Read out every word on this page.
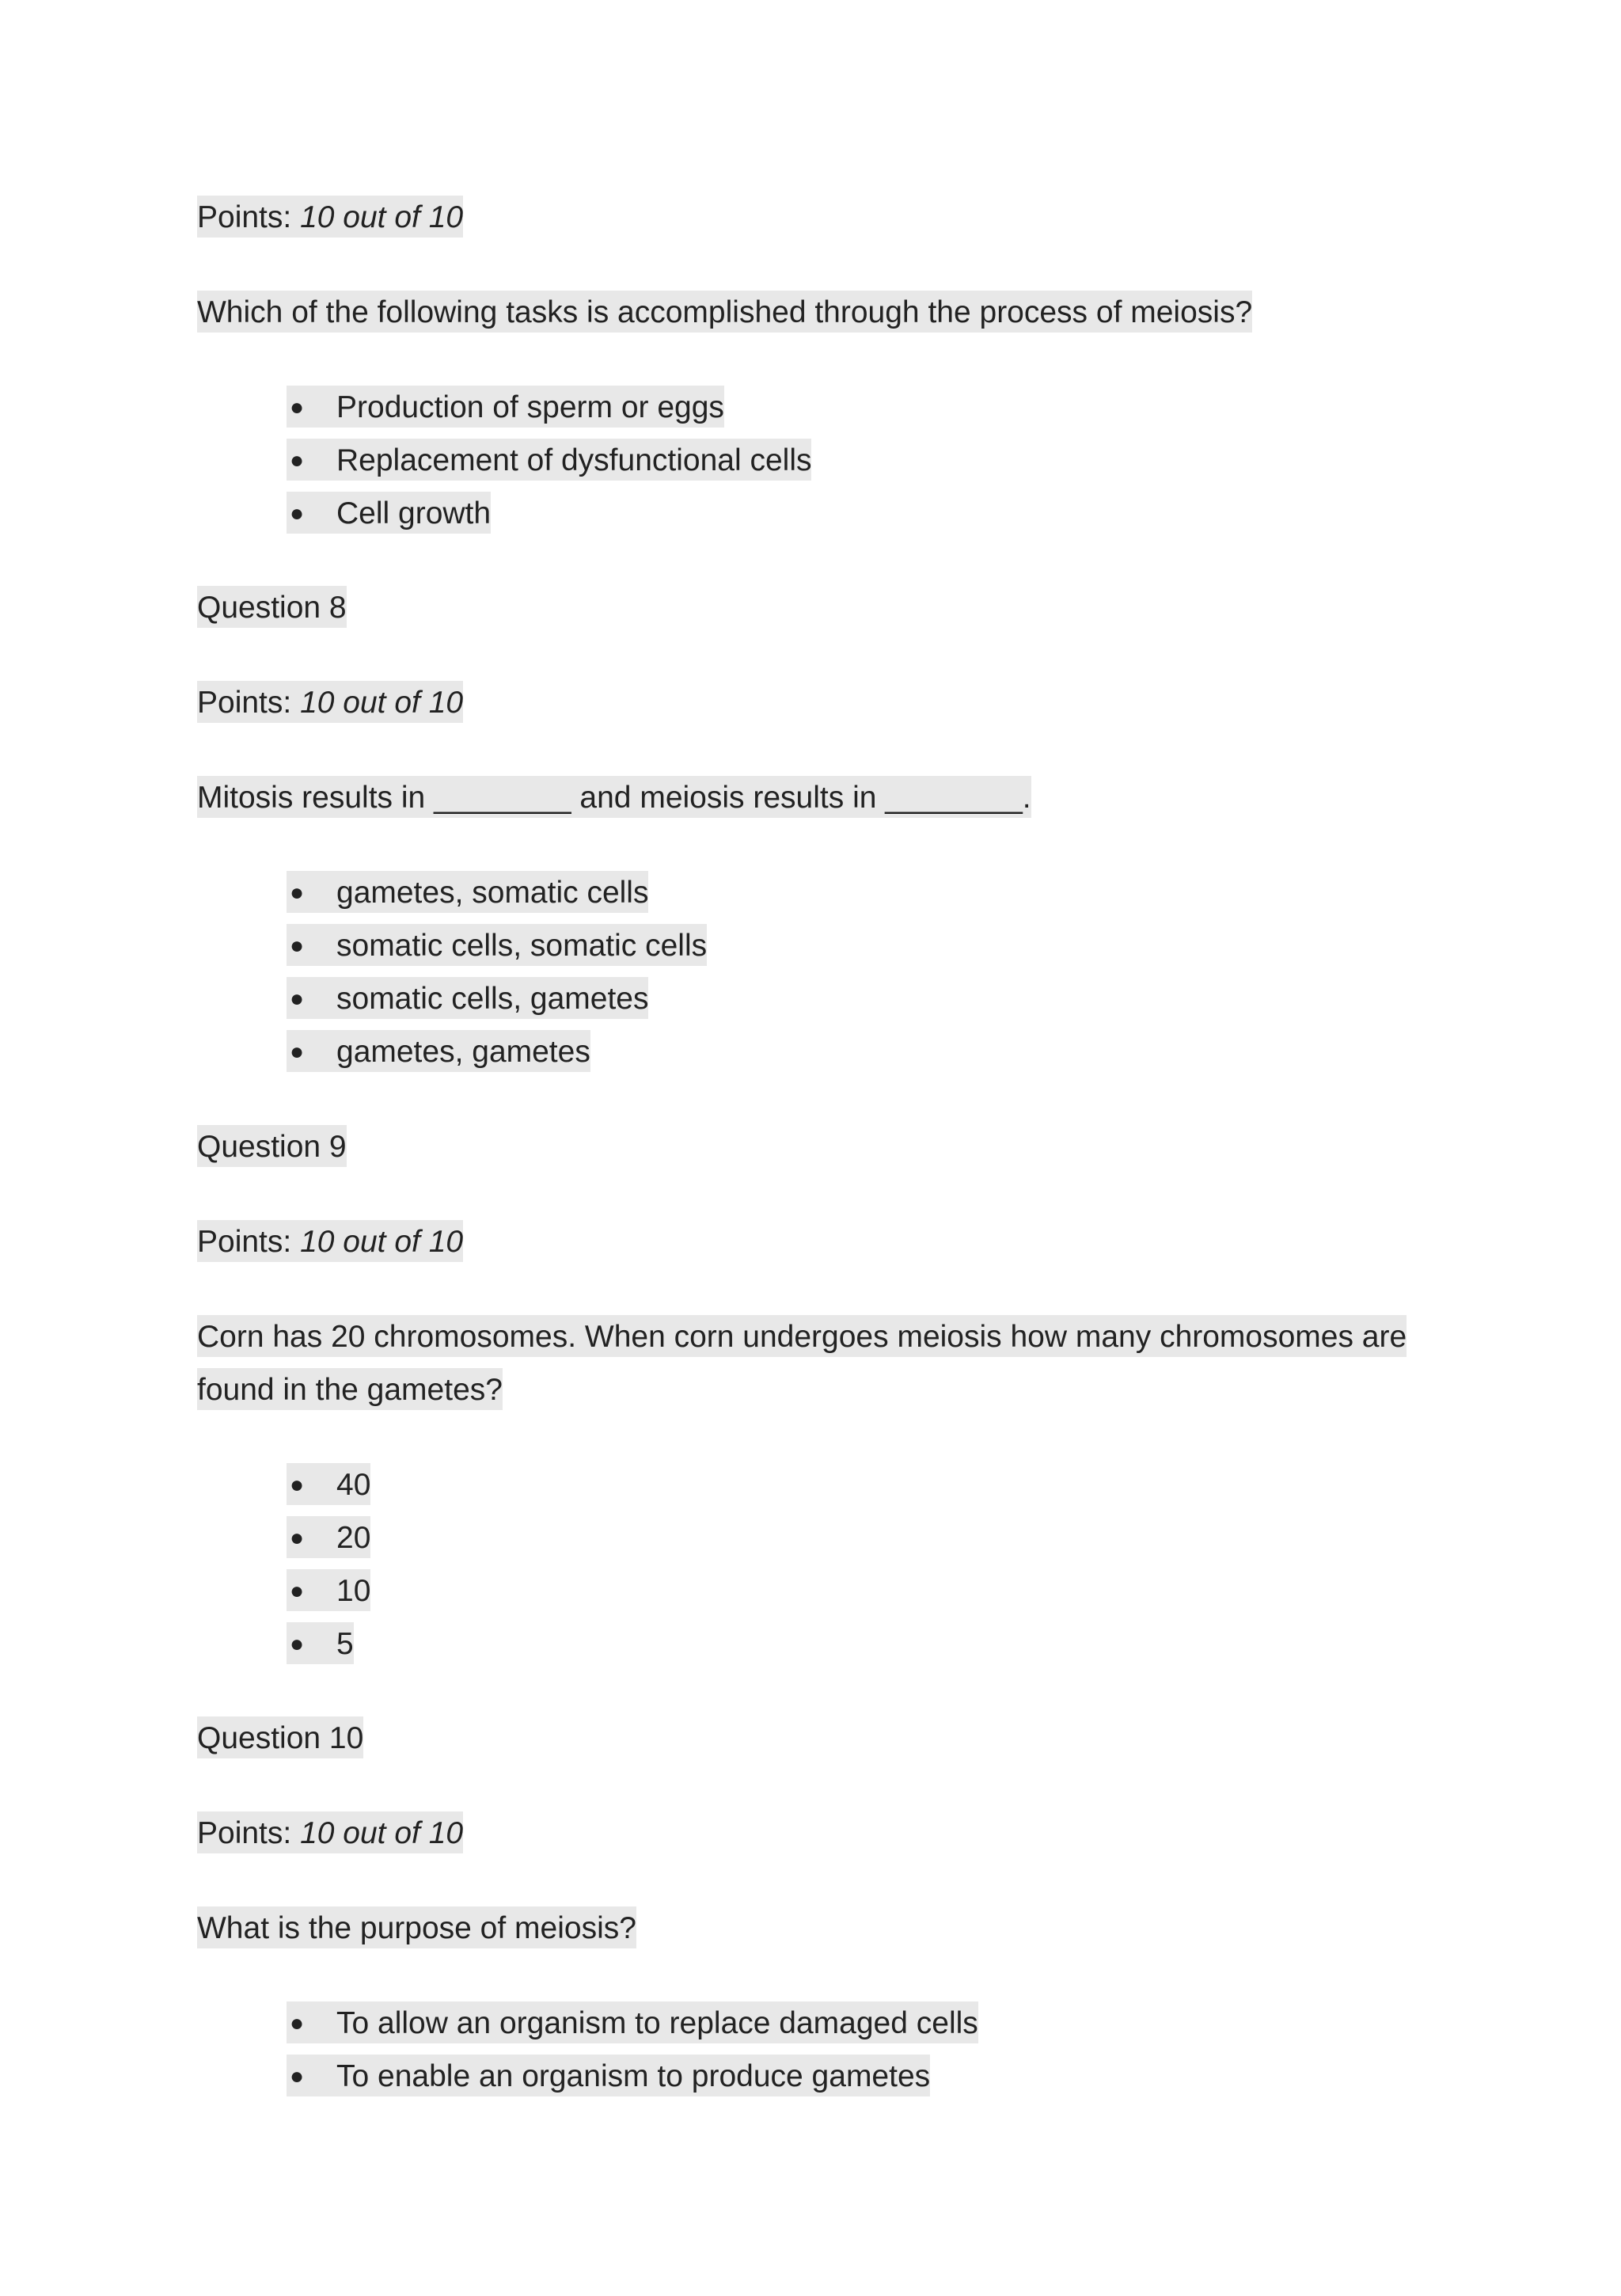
Points: 10 out of 10
Which of the following tasks is accomplished through the process of meiosis?
● Production of sperm or eggs
● Replacement of dysfunctional cells
● Cell growth
Question 8
Points: 10 out of 10
Mitosis results in ________ and meiosis results in ________.
● gametes, somatic cells
● somatic cells, somatic cells
● somatic cells, gametes
● gametes, gametes
Question 9
Points: 10 out of 10
Corn has 20 chromosomes. When corn undergoes meiosis how many chromosomes are
found in the gametes?
● 40
● 20
● 10
● 5
Question 10
Points: 10 out of 10
What is the purpose of meiosis?
● To allow an organism to replace damaged cells
● To enable an organism to produce gametes
